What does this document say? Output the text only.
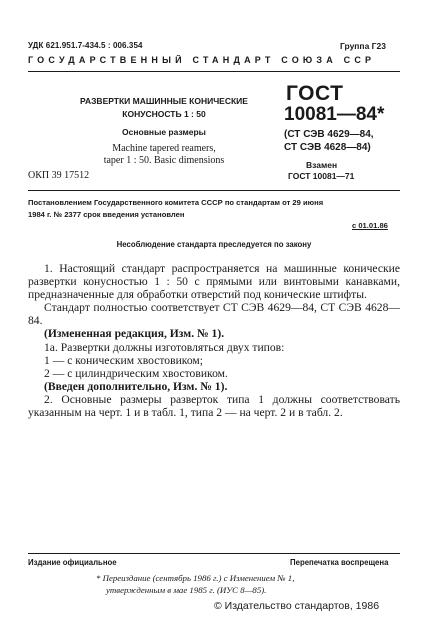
УДК 621.951.7-434.5 : 006.354	Группа Г23
ГОСУДАРСТВЕННЫЙ СТАНДАРТ СОЮЗА ССР
РАЗВЕРТКИ МАШИННЫЕ КОНИЧЕСКИЕ
КОНУСНОСТЬ 1 : 50
Основные размеры
Machine tapered reamers,
taper 1 : 50. Basic dimensions
ОКП 39 17512
ГОСТ
10081—84*
(СТ СЭВ 4629—84,
СТ СЭВ 4628—84)
Взамен
ГОСТ 10081—71
Постановлением Государственного комитета СССР по стандартам от 29 июня
1984 г. № 2377 срок введения установлен
с 01.01.86
Несоблюдение стандарта преследуется по закону
1. Настоящий стандарт распространяется на машинные конические развертки конусностью 1 : 50 с прямыми или винтовыми канавками, предназначенные для обработки отверстий под конические штифты.
Стандарт полностью соответствует СТ СЭВ 4629—84, СТ СЭВ 4628—84.
(Измененная редакция, Изм. № 1).
1а. Развертки должны изготовляться двух типов:
1 — с коническим хвостовиком;
2 — с цилиндрическим хвостовиком.
(Введен дополнительно, Изм. № 1).
2. Основные размеры разверток типа 1 должны соответствовать указанным на черт. 1 и в табл. 1, типа 2 — на черт. 2 и в табл. 2.
Издание официальное	Перепечатка воспрещена
* Переиздание (сентябрь 1986 г.) с Изменением № 1,
утвержденным в мае 1985 г. (ИУС 8—85).
© Издательство стандартов, 1986
